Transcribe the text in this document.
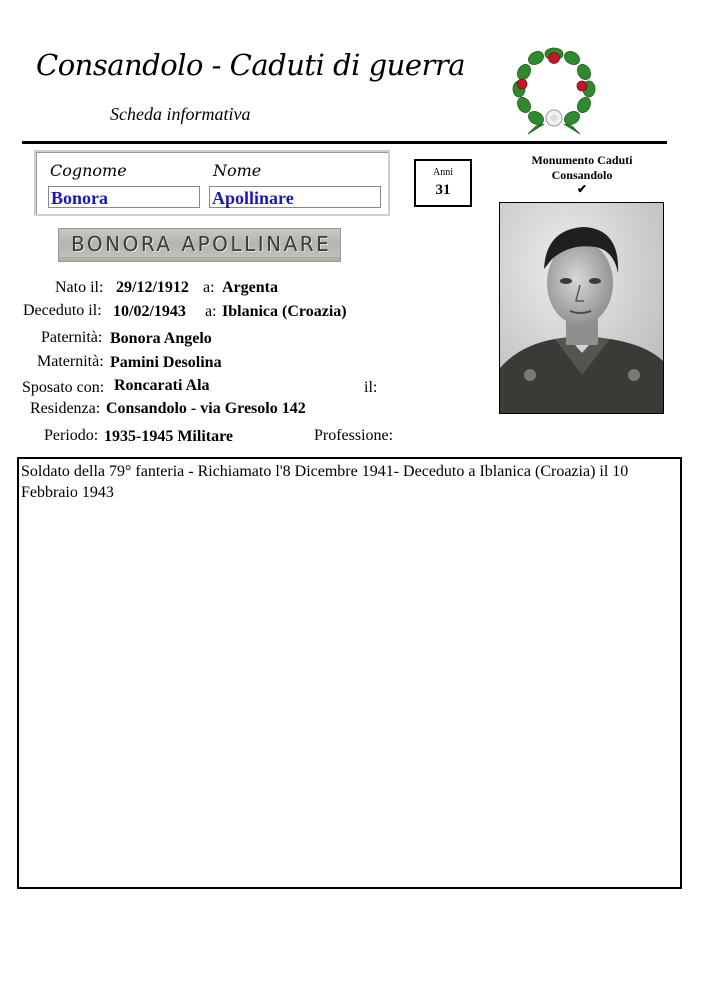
Consandolo - Caduti di guerra
Scheda informativa
Cognome	Nome
Bonora	Apollinare
Anni
31
Monumento Caduti
Consandolo
✔
BONORA APOLLINARE
Nato il: 29/12/1912 a: Argenta
Deceduto il: 10/02/1943 a: Iblanica (Croazia)
Paternità: Bonora Angelo
Maternità: Pamini Desolina
Sposato con: Roncarati Ala	il:
Residenza: Consandolo - via Gresolo 142
Periodo: 1935-1945 Militare	Professione:
Soldato della 79° fanteria - Richiamato l'8 Dicembre 1941- Deceduto a Iblanica (Croazia) il 10 Febbraio 1943
